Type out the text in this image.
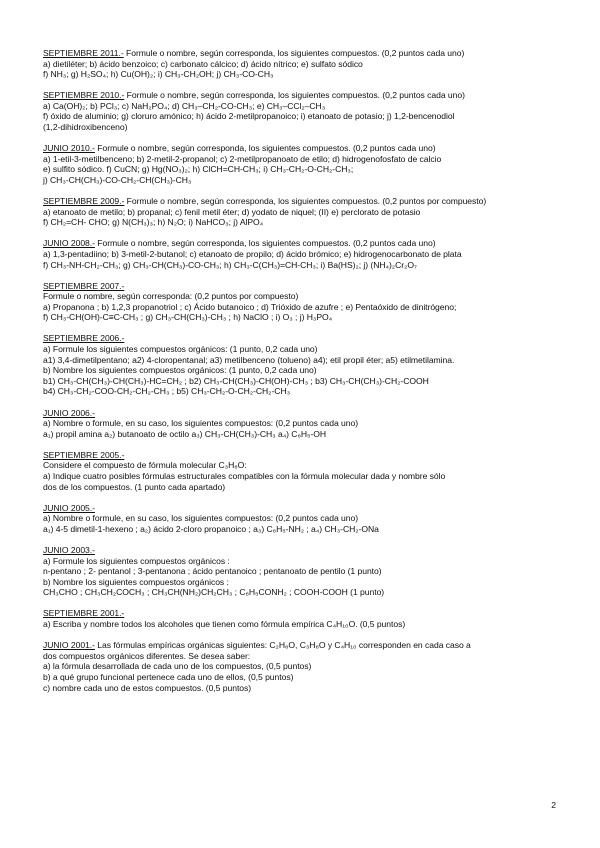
SEPTIEMBRE 2011.- Formule o nombre, según corresponda, los siguientes compuestos. (0,2 puntos cada uno)
a) dietiléter; b) ácido benzoico; c) carbonato cálcico; d) ácido nítrico; e) sulfato sódico
f) NH₃; g) H₂SO₄; h) Cu(OH)₂; i) CH₃-CH₂OH; j) CH₃-CO-CH₃
SEPTIEMBRE 2010.- Formule o nombre, según corresponda, los siguientes compuestos. (0,2 puntos cada uno)
a) Ca(OH)₂; b) PCl₃; c) NaH₂PO₄; d) CH₃–CH₂-CO-CH₃; e) CH₃–CCl₂–CH₃
f) óxido de aluminio; g) cloruro amónico; h) ácido 2-metilpropanoico; i) etanoato de potasio; j) 1,2-bencenodiol
(1,2-dihidroxibenceno)
JUNIO 2010.- Formule o nombre, según corresponda, los siguientes compuestos. (0,2 puntos cada uno)
a) 1-etil-3-metilbenceno; b) 2-metil-2-propanol; c) 2-metilpropanoato de etilo; d) hidrogenofosfato de calcio
e) sulfito sódico. f) CuCN; g) Hg(NO₃)₂; h) ClCH=CH-CH₃; i) CH₃-CH₂-O-CH₂-CH₃;
j) CH₃-CH(CH₃)-CO-CH₂-CH(CH₃)-CH₃
SEPTIEMBRE 2009.- Formule o nombre, según corresponda, los siguientes compuestos. (0,2 puntos por compuesto)
a) etanoato de metilo; b) propanal; c) fenil metil éter; d) yodato de niquel; (II) e) perclorato de potasio
f) CH₂=CH- CHO; g) N(CH₃)₃; h) N₂O; i) NaHCO₃; j) AlPO₄
JUNIO 2008.- Formule o nombre, según corresponda, los siguientes compuestos. (0,2 puntos cada uno)
a) 1,3-pentadiino; b) 3-metil-2-butanol; c) etanoato de propilo; d) ácido brómico; e) hidrogenocarbonato de plata
f) CH₃-NH-CH₂-CH₃; g) CH₃-CH(CH₃)-CO-CH₃; h) CH₃-C(CH₃)=CH-CH₃; i) Ba(HS)₂; j) (NH₄)₂Cr₂O₇
SEPTIEMBRE 2007.-
Formule o nombre, según corresponda: (0,2 puntos por compuesto)
a) Propanona ; b) 1,2,3 propanotriol ; c) Ácido butanoico ; d) Trióxido de azufre ; e) Pentaóxido de dinitrógeno;
f) CH₃-CH(OH)-C≡C-CH₃ ; g) CH₃-CH(CH₃)-CH₃ ; h) NaClO ; i) O₃ ; j) H₃PO₄
SEPTIEMBRE 2006.-
a) Formule los siguientes compuestos orgánicos: (1 punto, 0,2 cada uno)
a1) 3,4-dimetilpentano; a2) 4-cloropentanal; a3) metilbenceno (tolueno) a4); etil propil éter; a5) etilmetilamina.
b) Nombre los siguientes compuestos orgánicos: (1 punto, 0,2 cada uno)
b1) CH₃-CH(CH₃)-CH(CH₃)-HC=CH₂ ; b2) CH₃-CH(CH₃)-CH(OH)-CH₃ ; b3) CH₃-CH(CH₃)-CH₂-COOH
b4) CH₃-CH₂-COO-CH₂-CH₂-CH₃ ; b5) CH₃-CH₂-O-CH₂-CH₂-CH₃
JUNIO 2006.-
a) Nombre o formule, en su caso, los siguientes compuestos: (0,2 puntos cada uno)
a₁) propil amina a₂) butanoato de octilo a₃) CH₃-CH(CH₃)-CH₃ a₄) C₆H₅-OH
SEPTIEMBRE 2005.-
Considere el compuesto de fórmula molecular C₃H₆O:
a) Indique cuatro posibles fórmulas estructurales compatibles con la fórmula molecular dada y nombre sólo
dos de los compuestos. (1 punto cada apartado)
JUNIO 2005.-
a) Nombre o formule, en su caso, los siguientes compuestos: (0,2 puntos cada uno)
a₁) 4-5 dimetil-1-hexeno ; a₂) ácido 2-cloro propanoico ; a₃) C₆H₅-NH₂ ; a₄) CH₃-CH₂-ONa
JUNIO 2003.-
a) Formule los siguientes compuestos orgánicos :
n-pentano ; 2- pentanol ; 3-pentanona ; ácido pentanoico ; pentanoato de pentilo (1 punto)
b) Nombre los siguientes compuestos orgánicos :
CH₃CHO ; CH₃CH₂COCH₃ ; CH₃CH(NH₂)CH₂CH₃ ; C₆H₅CONH₂ ; COOH-COOH (1 punto)
SEPTIEMBRE 2001.-
a) Escriba y nombre todos los alcoholes que tienen como fórmula empírica C₄H₁₀O. (0,5 puntos)
JUNIO 2001.- Las fórmulas empíricas orgánicas siguientes: C₂H₆O, C₃H₆O y C₄H₁₀ corresponden en cada caso a
dos compuestos orgánicos diferentes. Se desea saber:
a) la fórmula desarrollada de cada uno de los compuestos, (0,5 puntos)
b) a qué grupo funcional pertenece cada uno de ellos, (0,5 puntos)
c) nombre cada uno de estos compuestos. (0,5 puntos)
2
